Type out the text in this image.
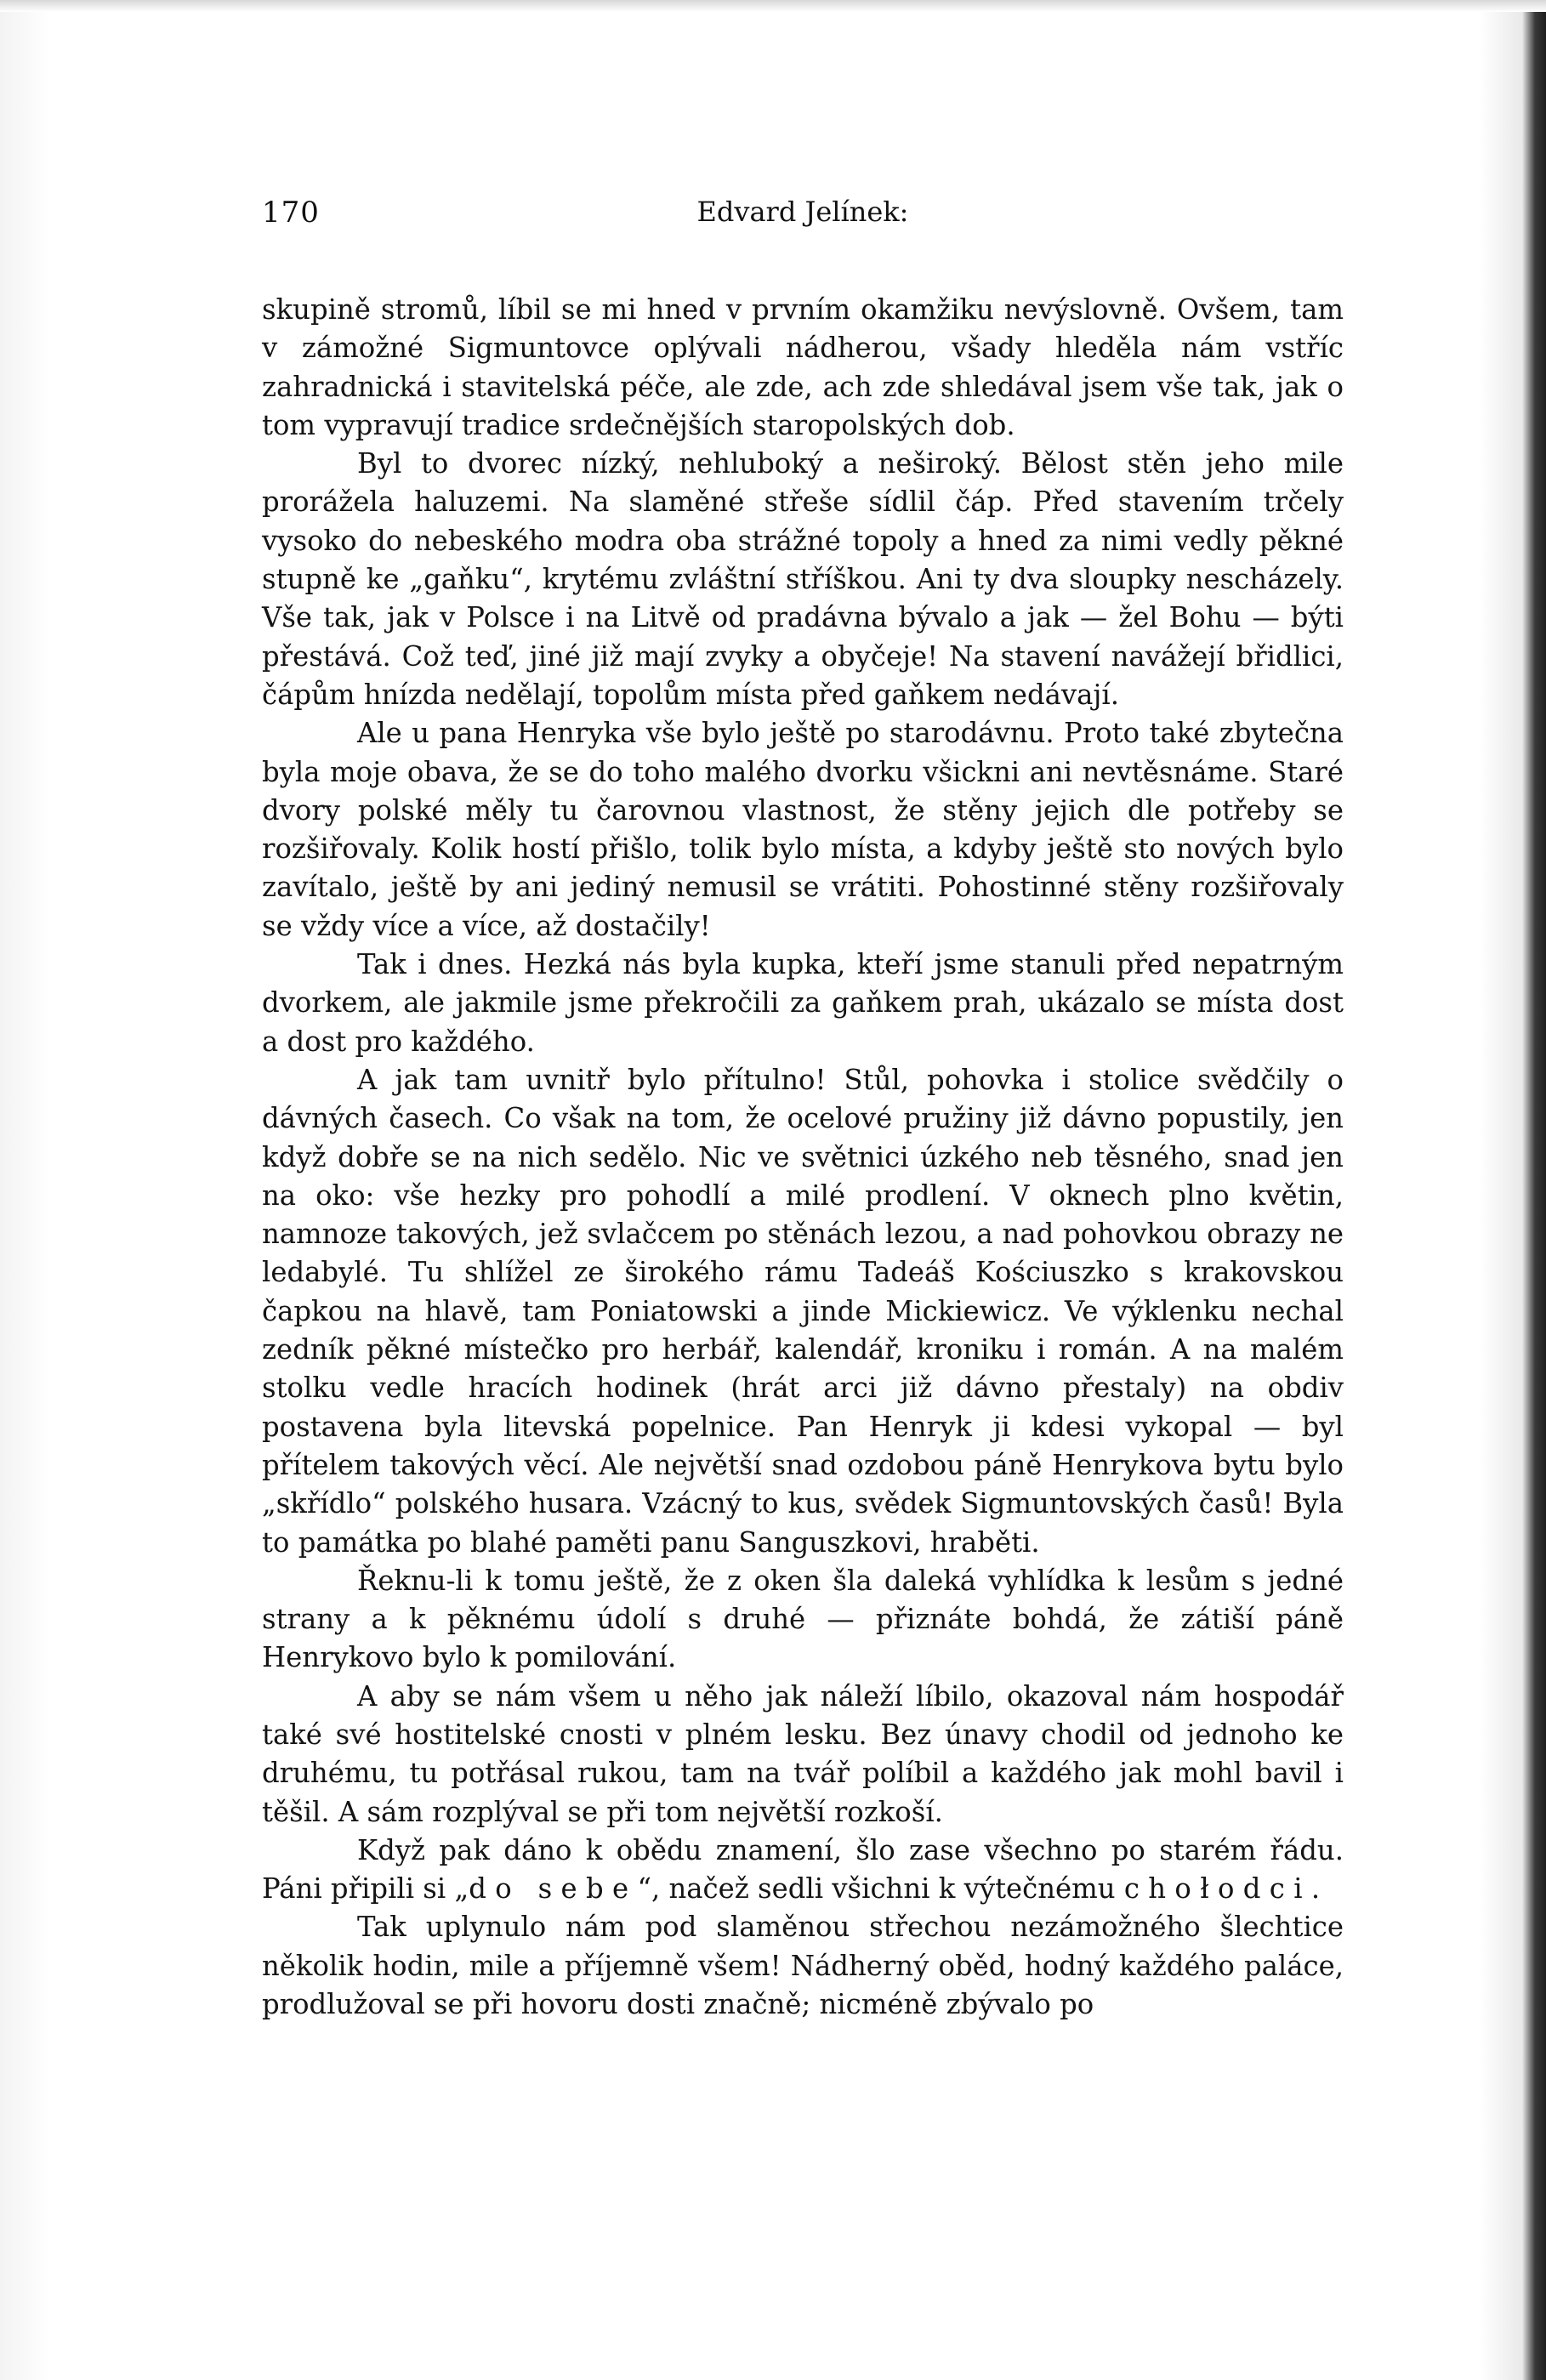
170	Edvard Jelínek:

skupině stromů, líbil se mi hned v prvním okamžiku nevýslovně. Ovšem, tam v zámožné Sigmuntovce oplývali nádherou, všady hleděla nám vstříc zahradnická i stavitelská péče, ale zde, ach zde shledával jsem vše tak, jak o tom vypravují tradice srdečnějších staropolských dob.

Byl to dvorec nízký, nehluboký a neširoký. Bělost stěn jeho mile prorážela haluzemi. Na slaměné střeše sídlil čáp. Před stavením trčely vysoko do nebeského modra oba strážné topoly a hned za nimi vedly pěkné stupně ke „gaňku“, krytému zvláštní stříškou. Ani ty dva sloupky nescházely. Vše tak, jak v Polsce i na Litvě od pradávna bývalo a jak — žel Bohu — býti přestává. Což teď, jiné již mají zvyky a obyčeje! Na stavení navážejí břidlici, čápům hnízda nedělají, topolům místa před gaňkem nedávají.

Ale u pana Henryka vše bylo ještě po starodávnu. Proto také zbytečna byla moje obava, že se do toho malého dvorku všickni ani nevtěsnáme. Staré dvory polské měly tu čarovnou vlastnost, že stěny jejich dle potřeby se rozšiřovaly. Kolik hostí přišlo, tolik bylo místa, a kdyby ještě sto nových bylo zavítalo, ještě by ani jediný nemusil se vrátiti. Pohostinné stěny rozšiřovaly se vždy více a více, až dostačily!

Tak i dnes. Hezká nás byla kupka, kteří jsme stanuli před nepatrným dvorkem, ale jakmile jsme překročili za gaňkem prah, ukázalo se místa dost a dost pro každého.

A jak tam uvnitř bylo přítulno! Stůl, pohovka i stolice svědčily o dávných časech. Co však na tom, že ocelové pružiny již dávno popustily, jen když dobře se na nich sedělo. Nic ve světnici úzkého neb těsného, snad jen na oko: vše hezky pro pohodlí a milé prodlení. V oknech plno květin, namnoze takových, jež svlačcem po stěnách lezou, a nad pohovkou obrazy ne ledabylé. Tu shlížel ze širokého rámu Tadeáš Kościuszko s krakovskou čapkou na hlavě, tam Poniatowski a jinde Mickiewicz. Ve výklenku nechal zedník pěkné místečko pro herbář, kalendář, kroniku i román. A na malém stolku vedle hracích hodinek (hrát arci již dávno přestaly) na obdiv postavena byla litevská popelnice. Pan Henryk ji kdesi vykopal — byl přítelem takových věcí. Ale největší snad ozdobou páně Henrykova bytu bylo „skřídlo“ polského husara. Vzácný to kus, svědek Sigmuntovských časů! Byla to památka po blahé paměti panu Sanguszkovi, hraběti.

Řeknu-li k tomu ještě, že z oken šla daleká vyhlídka k lesům s jedné strany a k pěknému údolí s druhé — přiznáte bohdá, že zátiší páně Henrykovo bylo k pomilování.

A aby se nám všem u něho jak náleží líbilo, okazoval nám hospodář také své hostitelské cnosti v plném lesku. Bez únavy chodil od jednoho ke druhému, tu potřásal rukou, tam na tvář políbil a každého jak mohl bavil i těšil. A sám rozplýval se při tom největší rozkoší.

Když pak dáno k obědu znamení, šlo zase všechno po starém řádu. Páni připili si „do sebe“, načež sedli všichni k výtečnému chołodci.

Tak uplynulo nám pod slaměnou střechou nezámožného šlechtice několik hodin, mile a příjemně všem! Nádherný oběd, hodný každého paláce, prodlužoval se při hovoru dosti značně; nicméně zbývalo po
